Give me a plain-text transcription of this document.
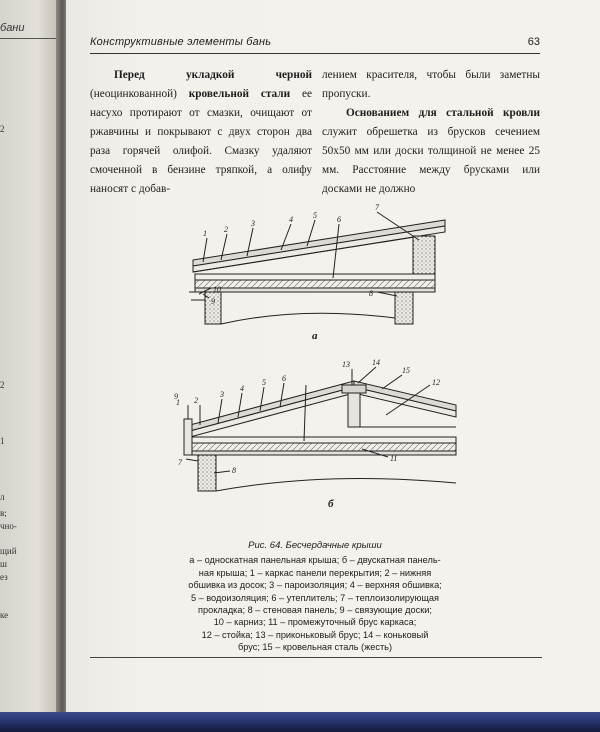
бани
2
2
1
л
в;
чно-
щий
ш
ез
ке
Конструктивные элементы бань	63

Перед укладкой черной (неоцинкованной) кровельной стали ее насухо протирают от смазки, очищают от ржавчины и покрывают с двух сторон два раза горячей олифой. Смазку удаляют смоченной в бензине тряпкой, а олифу наносят с добав-

лением красителя, чтобы были заметны пропуски.

Основанием для стальной кровли служит обрешетка из брусков сечением 50х50 мм или доски толщиной не менее 25 мм. Расстояние между брусками или досками не должно

1 2
3	4	5	6
7
8
9
10
а
1 2
3
4
5 6
7
8
9
11
12
13	14
15
б
Рис. 64. Бесчердачные крыши
а – односкатная панельная крыша; б – двускатная панель-
ная крыша; 1 – каркас панели перекрытия; 2 – нижняя
обшивка из досок; 3 – пароизоляция; 4 – верхняя обшивка;
5 – водоизоляция; 6 – утеплитель; 7 – теплоизолирующая
прокладка; 8 – стеновая панель; 9 – связующие доски;
10 – карниз; 11 – промежуточный брус каркаса;
12 – стойка; 13 – приконьковый брус; 14 – коньковый
брус; 15 – кровельная сталь (жесть)
